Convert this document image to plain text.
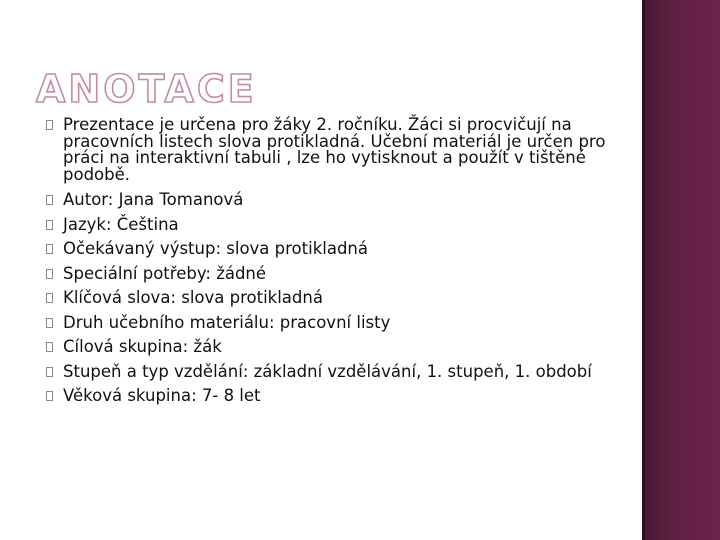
ANOTACE
Prezentace je určena pro žáky 2. ročníku. Žáci si procvičují na pracovních listech slova protikladná. Učební materiál je určen pro práci na interaktivní tabuli , lze ho vytisknout a použít v tištěné podobě.
Autor: Jana Tomanová
Jazyk: Čeština
Očekávaný výstup: slova protikladná
Speciální potřeby: žádné
Klíčová slova: slova protikladná
Druh učebního materiálu: pracovní listy
Cílová skupina: žák
Stupeň a typ vzdělání: základní vzdělávání, 1. stupeň, 1. období
Věková skupina: 7- 8 let
